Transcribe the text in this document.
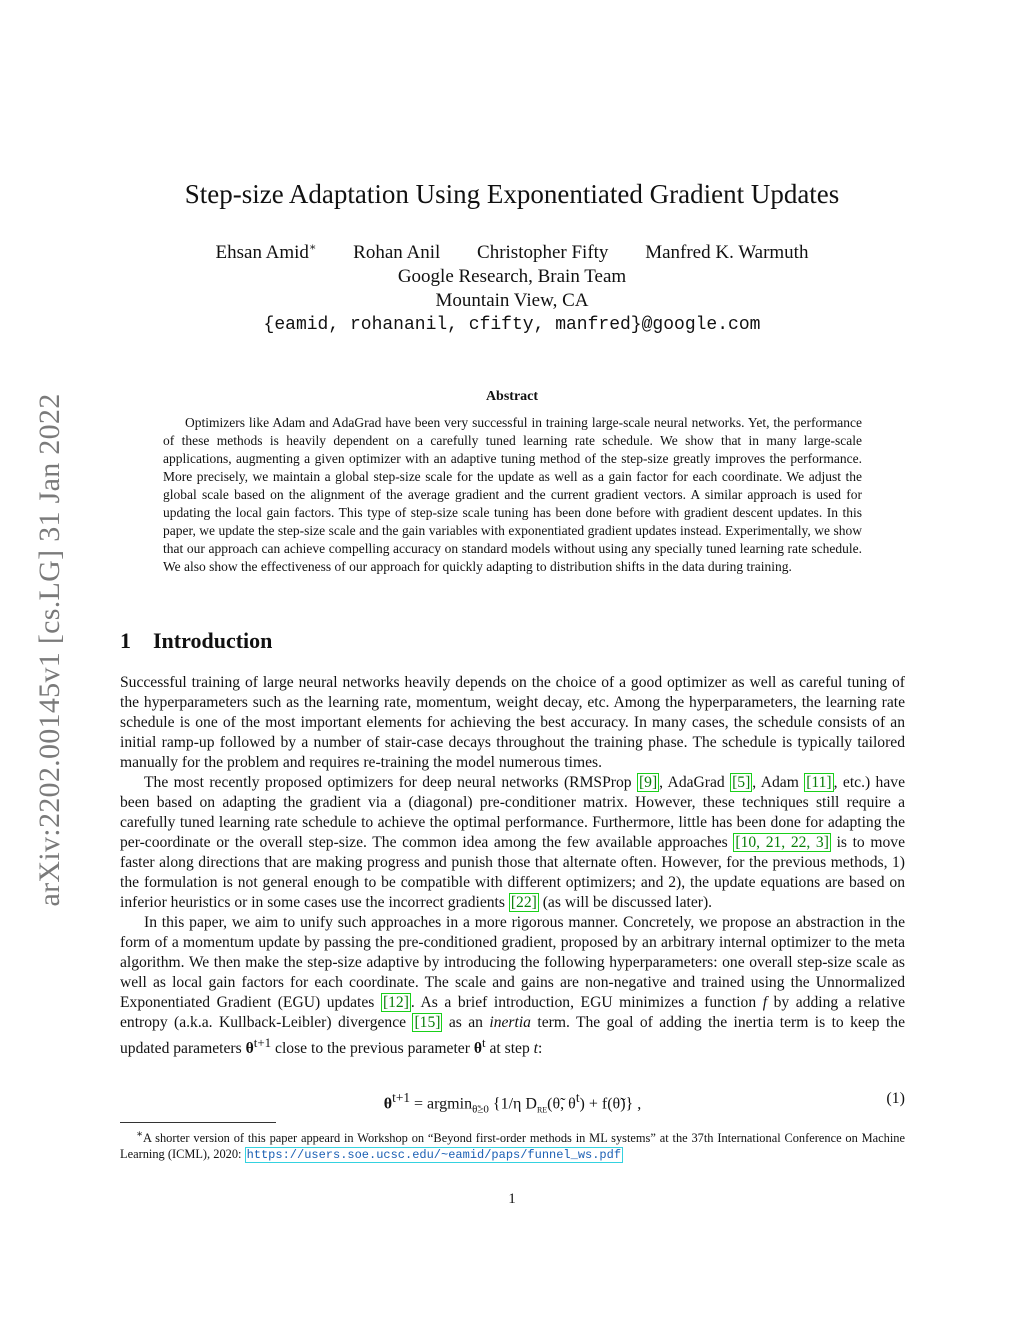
arXiv:2202.00145v1 [cs.LG] 31 Jan 2022
Step-size Adaptation Using Exponentiated Gradient Updates
Ehsan Amid∗ Rohan Anil Christopher Fifty Manfred K. Warmuth
Google Research, Brain Team
Mountain View, CA
{eamid, rohananil, cfifty, manfred}@google.com
Abstract

Optimizers like Adam and AdaGrad have been very successful in training large-scale neural networks. Yet, the performance of these methods is heavily dependent on a carefully tuned learning rate schedule. We show that in many large-scale applications, augmenting a given optimizer with an adaptive tuning method of the step-size greatly improves the performance. More precisely, we maintain a global step-size scale for the update as well as a gain factor for each coordinate. We adjust the global scale based on the alignment of the average gradient and the current gradient vectors. A similar approach is used for updating the local gain factors. This type of step-size scale tuning has been done before with gradient descent updates. In this paper, we update the step-size scale and the gain variables with exponentiated gradient updates instead. Experimentally, we show that our approach can achieve compelling accuracy on standard models without using any specially tuned learning rate schedule. We also show the effectiveness of our approach for quickly adapting to distribution shifts in the data during training.

1 Introduction

Successful training of large neural networks heavily depends on the choice of a good optimizer as well as careful tuning of the hyperparameters such as the learning rate, momentum, weight decay, etc. Among the hyperparameters, the learning rate schedule is one of the most important elements for achieving the best accuracy. In many cases, the schedule consists of an initial ramp-up followed by a number of stair-case decays throughout the training phase. The schedule is typically tailored manually for the problem and requires re-training the model numerous times.

The most recently proposed optimizers for deep neural networks (RMSProp [9] , AdaGrad [5] , Adam [11] , etc.) have been based on adapting the gradient via a (diagonal) pre-conditioner matrix. However, these techniques still require a carefully tuned learning rate schedule to achieve the optimal performance. Furthermore, little has been done for adapting the per-coordinate or the overall step-size. The common idea among the few available approaches [10, 21, 22, 3] is to move faster along directions that are making progress and punish those that alternate often. However, for the previous methods, 1) the formulation is not general enough to be compatible with different optimizers; and 2), the update equations are based on inferior heuristics or in some cases use the incorrect gradients [22] (as will be discussed later).

In this paper, we aim to unify such approaches in a more rigorous manner. Concretely, we propose an abstraction in the form of a momentum update by passing the pre-conditioned gradient, proposed by an arbitrary internal optimizer to the meta algorithm. We then make the step-size adaptive by introducing the following hyperparameters: one overall step-size scale as well as local gain factors for each coordinate. The scale and gains are non-negative and trained using the Unnormalized Exponentiated Gradient (EGU) updates [12] . As a brief introduction, EGU minimizes a function f by adding a relative entropy (a.k.a. Kullback-Leibler) divergence [15] as an inertia term. The goal of adding the inertia term is to keep the updated parameters $\theta^{t+1}$ close to the previous parameter $\theta^t$ at step t:

$\theta^{t+1} = argmin_{\thetã\ge 0}$ {1/η $D_{RE}(\thetã$, $\theta^t$) + f(θ̃)} ,	(1)
∗A shorter version of this paper appeard in Workshop on “Beyond first-order methods in ML systems” at the 37th International Conference on Machine Learning (ICML), 2020: https://users.soe.ucsc.edu/~eamid/paps/funnel_ws.pdf
1
